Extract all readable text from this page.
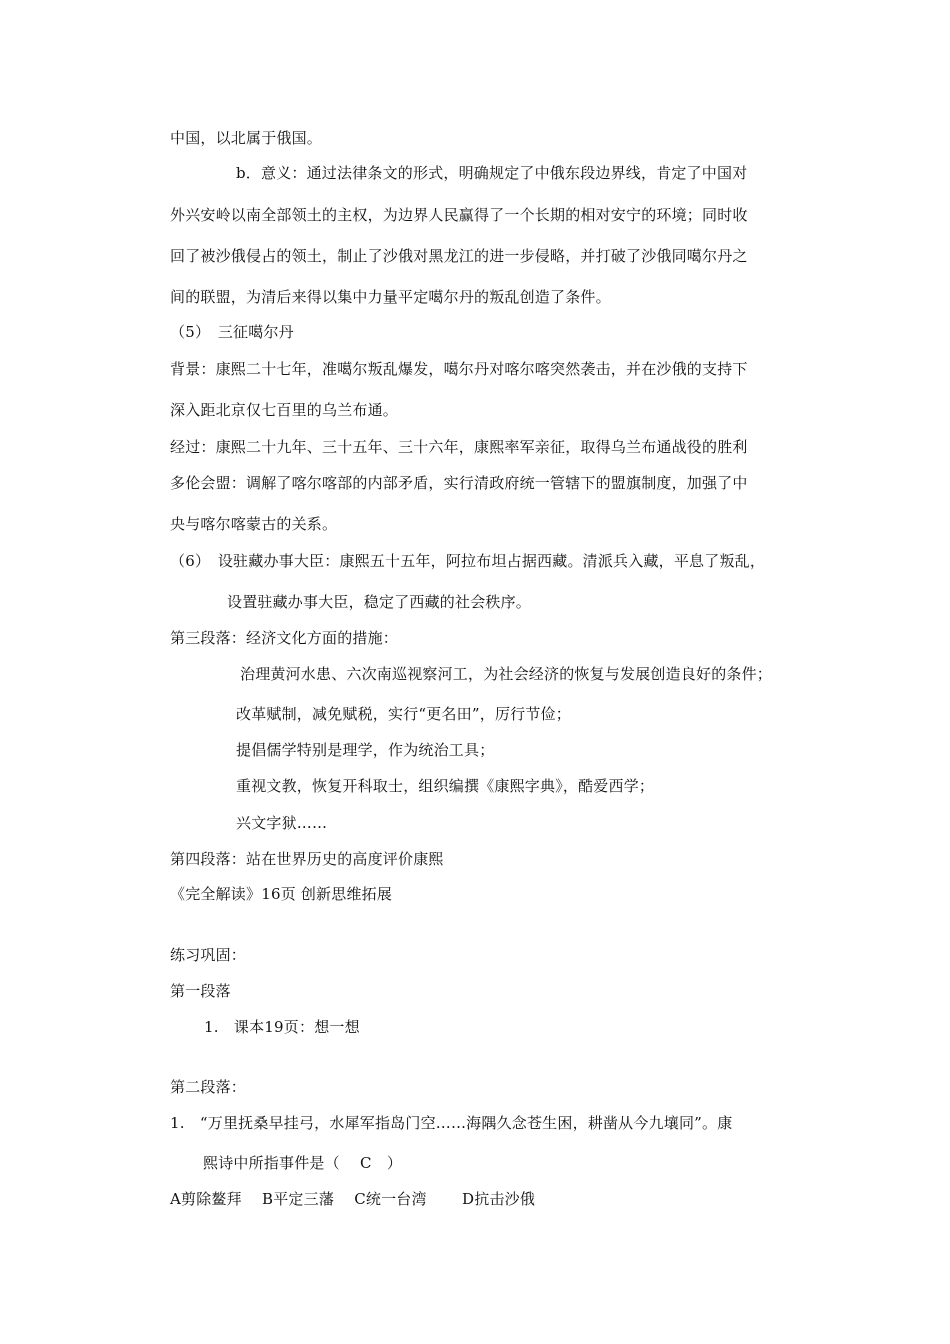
中国，以北属于俄国。
b．意义：通过法律条文的形式，明确规定了中俄东段边界线，肯定了中国对
外兴安岭以南全部领土的主权，为边界人民赢得了一个长期的相对安宁的环境；同时收
回了被沙俄侵占的领土，制止了沙俄对黑龙江的进一步侵略，并打破了沙俄同噶尔丹之
间的联盟，为清后来得以集中力量平定噶尔丹的叛乱创造了条件。
（5）　三征噶尔丹
背景：康熙二十七年，准噶尔叛乱爆发，噶尔丹对喀尔喀突然袭击，并在沙俄的支持下
深入距北京仅七百里的乌兰布通。
经过：康熙二十九年、三十五年、三十六年，康熙率军亲征，取得乌兰布通战役的胜利
多伦会盟：调解了喀尔喀部的内部矛盾，实行清政府统一管辖下的盟旗制度，加强了中
央与喀尔喀蒙古的关系。
（6）　设驻藏办事大臣：康熙五十五年，阿拉布坦占据西藏。清派兵入藏，平息了叛乱，
设置驻藏办事大臣，稳定了西藏的社会秩序。
第三段落：经济文化方面的措施：
治理黄河水患、六次南巡视察河工，为社会经济的恢复与发展创造良好的条件；
改革赋制，减免赋税，实行“更名田”，厉行节俭；
提倡儒学特别是理学，作为统治工具；
重视文教，恢复开科取士，组织编撰《康熙字典》，酷爱西学；
兴文字狱……
第四段落：站在世界历史的高度评价康熙
《完全解读》16页 创新思维拓展
练习巩固：
第一段落
1.　课本19页：想一想
第二段落：
1.　“万里抚桑早挂弓，水犀军指岛门空……海隅久念苍生困，耕凿从今九壤同”。康
熙诗中所指事件是（　 C　）
A剪除鳌拜　 B平定三藩　 C统一台湾　　 D抗击沙俄
